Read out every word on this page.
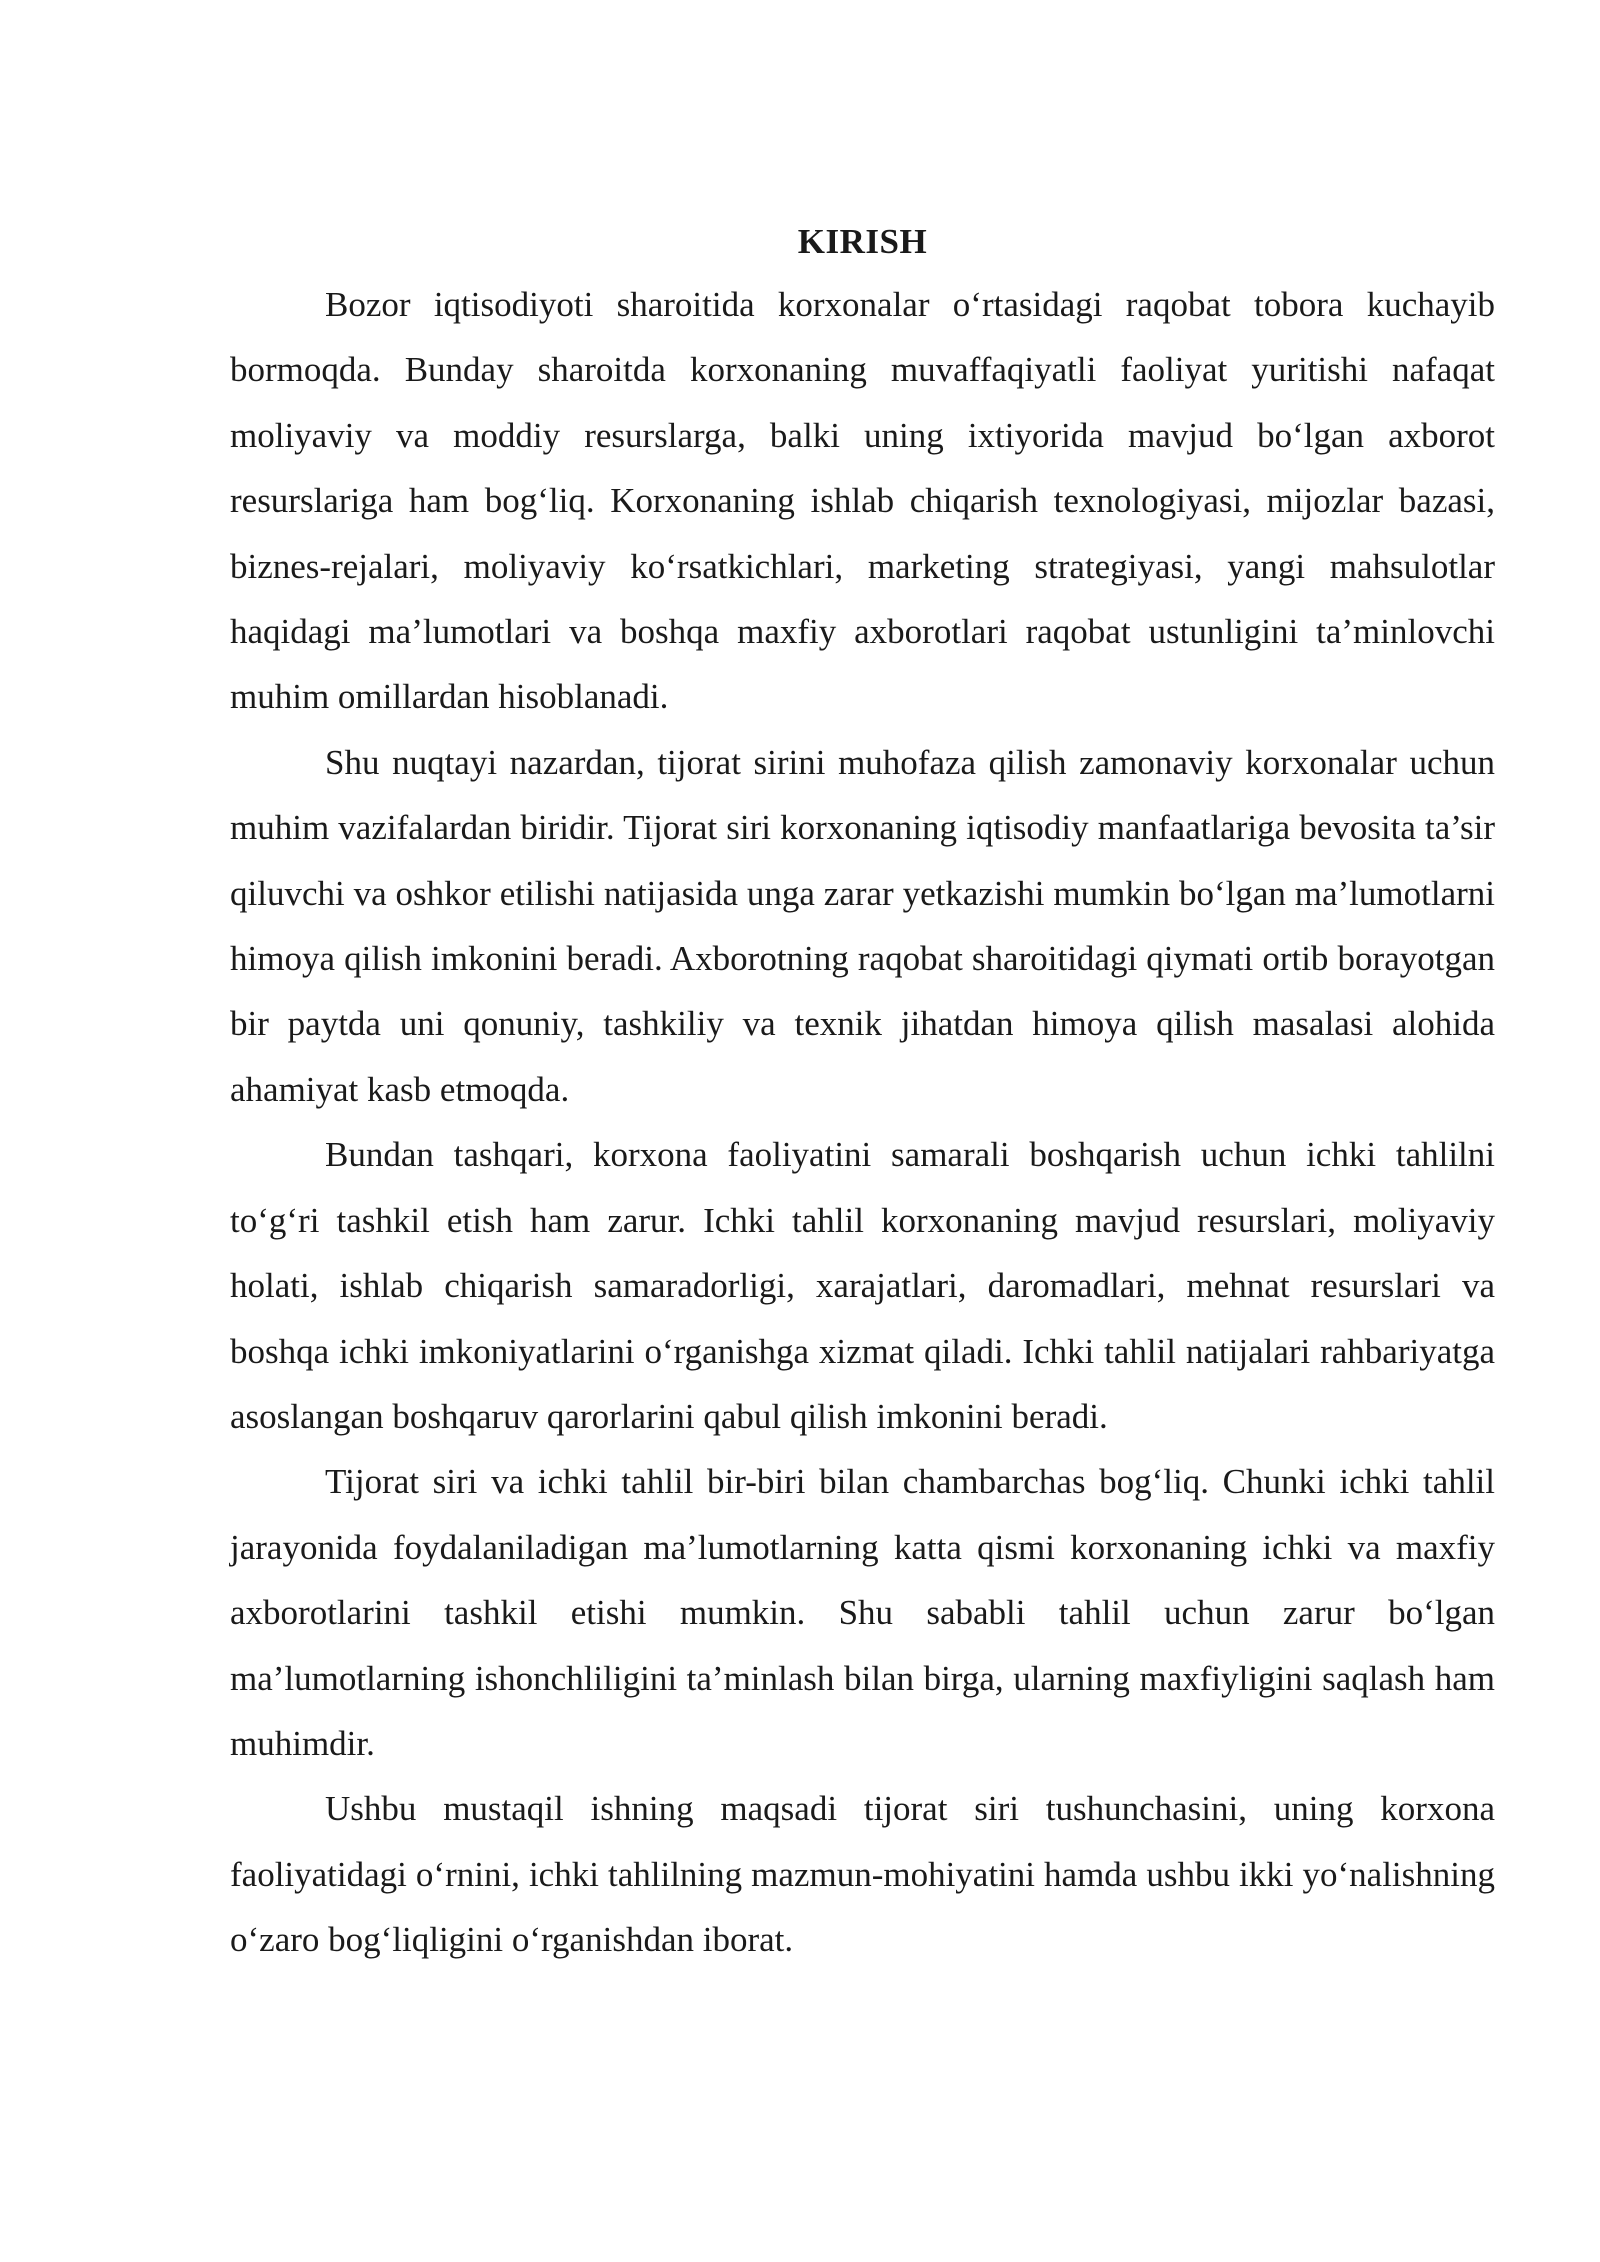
KIRISH

Bozor iqtisodiyoti sharoitida korxonalar o‘rtasidagi raqobat tobora kuchayib bormoqda. Bunday sharoitda korxonaning muvaffaqiyatli faoliyat yuritishi nafaqat moliyaviy va moddiy resurslarga, balki uning ixtiyorida mavjud bo‘lgan axborot resurslariga ham bog‘liq. Korxonaning ishlab chiqarish texnologiyasi, mijozlar bazasi, biznes-rejalari, moliyaviy ko‘rsatkichlari, marketing strategiyasi, yangi mahsulotlar haqidagi ma’lumotlari va boshqa maxfiy axborotlari raqobat ustunligini ta’minlovchi muhim omillardan hisoblanadi.

Shu nuqtayi nazardan, tijorat sirini muhofaza qilish zamonaviy korxonalar uchun muhim vazifalardan biridir. Tijorat siri korxonaning iqtisodiy manfaatlariga bevosita ta’sir qiluvchi va oshkor etilishi natijasida unga zarar yetkazishi mumkin bo‘lgan ma’lumotlarni himoya qilish imkonini beradi. Axborotning raqobat sharoitidagi qiymati ortib borayotgan bir paytda uni qonuniy, tashkiliy va texnik jihatdan himoya qilish masalasi alohida ahamiyat kasb etmoqda.

Bundan tashqari, korxona faoliyatini samarali boshqarish uchun ichki tahlilni to‘g‘ri tashkil etish ham zarur. Ichki tahlil korxonaning mavjud resurslari, moliyaviy holati, ishlab chiqarish samaradorligi, xarajatlari, daromadlari, mehnat resurslari va boshqa ichki imkoniyatlarini o‘rganishga xizmat qiladi. Ichki tahlil natijalari rahbariyatga asoslangan boshqaruv qarorlarini qabul qilish imkonini beradi.

Tijorat siri va ichki tahlil bir-biri bilan chambarchas bog‘liq. Chunki ichki tahlil jarayonida foydalaniladigan ma’lumotlarning katta qismi korxonaning ichki va maxfiy axborotlarini tashkil etishi mumkin. Shu sababli tahlil uchun zarur bo‘lgan ma’lumotlarning ishonchliligini ta’minlash bilan birga, ularning maxfiyligini saqlash ham muhimdir.

Ushbu mustaqil ishning maqsadi tijorat siri tushunchasini, uning korxona faoliyatidagi o‘rnini, ichki tahlilning mazmun-mohiyatini hamda ushbu ikki yo‘nalishning o‘zaro bog‘liqligini o‘rganishdan iborat.
